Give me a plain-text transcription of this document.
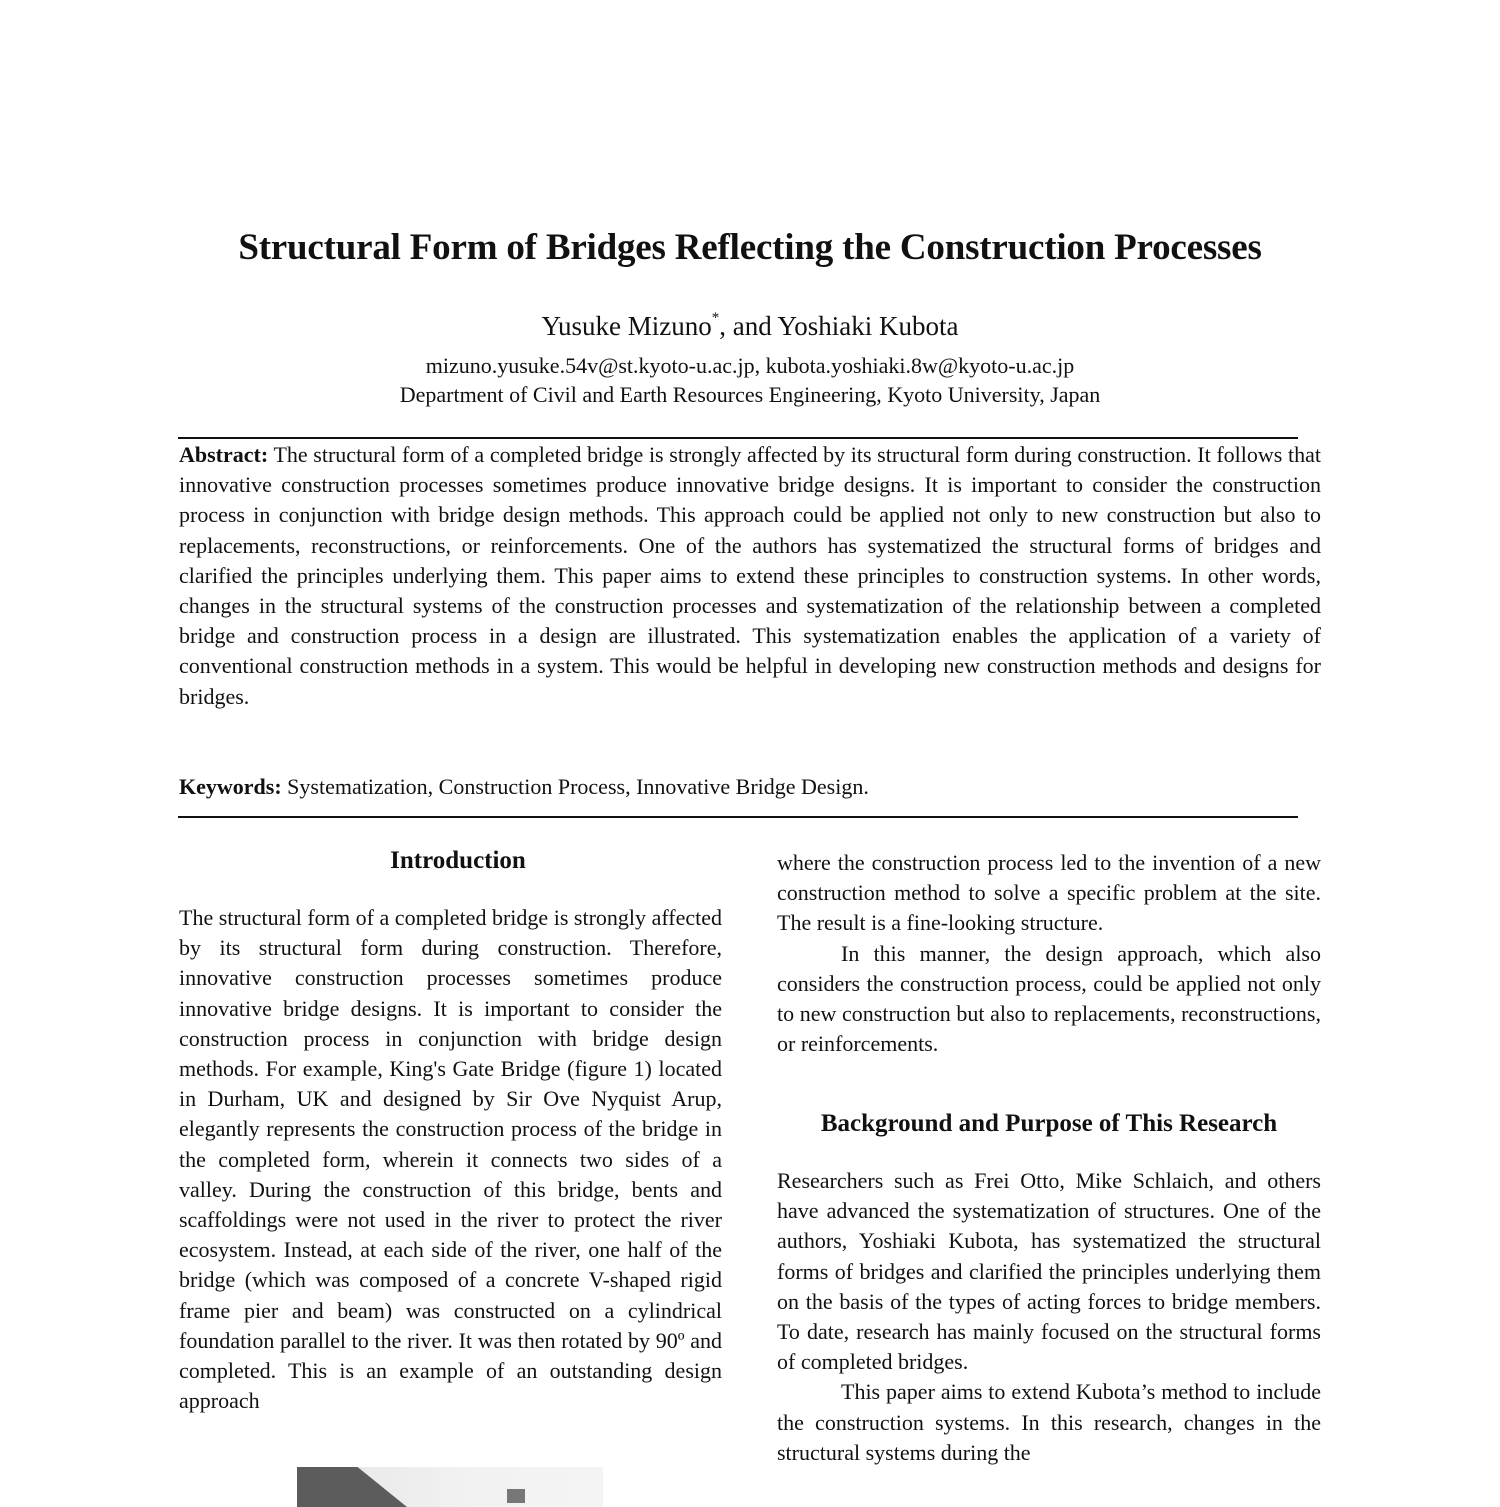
Structural Form of Bridges Reflecting the Construction Processes
Yusuke Mizuno*, and Yoshiaki Kubota
mizuno.yusuke.54v@st.kyoto-u.ac.jp, kubota.yoshiaki.8w@kyoto-u.ac.jp
Department of Civil and Earth Resources Engineering, Kyoto University, Japan
Abstract: The structural form of a completed bridge is strongly affected by its structural form during construction. It follows that innovative construction processes sometimes produce innovative bridge designs. It is important to consider the construction process in conjunction with bridge design methods. This approach could be applied not only to new construction but also to replacements, reconstructions, or reinforcements. One of the authors has systematized the structural forms of bridges and clarified the principles underlying them. This paper aims to extend these principles to construction systems. In other words, changes in the structural systems of the construction processes and systematization of the relationship between a completed bridge and construction process in a design are illustrated. This systematization enables the application of a variety of conventional construction methods in a system. This would be helpful in developing new construction methods and designs for bridges.
Keywords: Systematization, Construction Process, Innovative Bridge Design.
Introduction

The structural form of a completed bridge is strongly affected by its structural form during construction. Therefore, innovative construction processes sometimes produce innovative bridge designs. It is important to consider the construction process in conjunction with bridge design methods. For example, King's Gate Bridge (figure 1) located in Durham, UK and designed by Sir Ove Nyquist Arup, elegantly represents the construction process of the bridge in the completed form, wherein it connects two sides of a valley. During the construction of this bridge, bents and scaffoldings were not used in the river to protect the river ecosystem. Instead, at each side of the river, one half of the bridge (which was composed of a concrete V-shaped rigid frame pier and beam) was constructed on a cylindrical foundation parallel to the river. It was then rotated by 90º and completed. This is an example of an outstanding design approach

where the construction process led to the invention of a new construction method to solve a specific problem at the site. The result is a fine-looking structure.

In this manner, the design approach, which also considers the construction process, could be applied not only to new construction but also to replacements, reconstructions, or reinforcements.

Background and Purpose of This Research

Researchers such as Frei Otto, Mike Schlaich, and others have advanced the systematization of structures. One of the authors, Yoshiaki Kubota, has systematized the structural forms of bridges and clarified the principles underlying them on the basis of the types of acting forces to bridge members. To date, research has mainly focused on the structural forms of completed bridges.

This paper aims to extend Kubota’s method to include the construction systems. In this research, changes in the structural systems during the
